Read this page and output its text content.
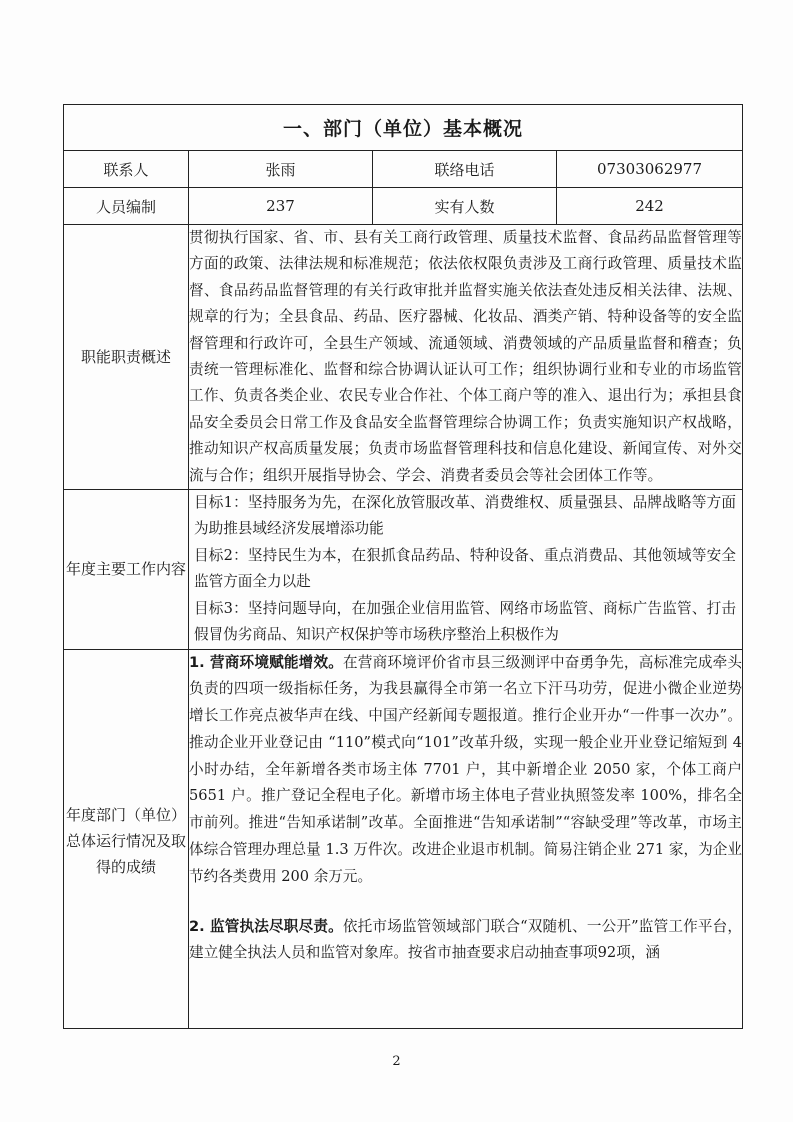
一、部门（单位）基本概况			
联系人	张雨	联络电话	07303062977
人员编制	237	实有人数	242
职能职责概述	贯彻执行国家、省、市、县有关工商行政管理、质量技术监督、食品药品监督管理等方面的政策、法律法规和标准规范；依法依权限负责涉及工商行政管理、质量技术监督、食品药品监督管理的有关行政审批并监督实施关依法查处违反相关法律、法规、规章的行为；全县食品、药品、医疗器械、化妆品、酒类产销、特种设备等的安全监督管理和行政许可，全县生产领域、流通领域、消费领域的产品质量监督和稽查；负责统一管理标准化、监督和综合协调认证认可工作；组织协调行业和专业的市场监管工作、负责各类企业、农民专业合作社、个体工商户等的准入、退出行为；承担县食品安全委员会日常工作及食品安全监督管理综合协调工作；负责实施知识产权战略，推动知识产权高质量发展；负责市场监督管理科技和信息化建设、新闻宣传、对外交流与合作；组织开展指导协会、学会、消费者委员会等社会团体工作等。		
年度主要工作内容	目标1：坚持服务为先，在深化放管服改革、消费维权、质量强县、品牌战略等方面为助推县域经济发展增添功能
目标2：坚持民生为本，在狠抓食品药品、特种设备、重点消费品、其他领域等安全监管方面全力以赴
目标3：坚持问题导向，在加强企业信用监管、网络市场监管、商标广告监管、打击假冒伪劣商品、知识产权保护等市场秩序整治上积极作为		

年度部门（单位）总体运行情况及取得的成绩	1. 营商环境赋能增效。在营商环境评价省市县三级测评中奋勇争先，高标准完成牵头负责的四项一级指标任务，为我县赢得全市第一名立下汗马功劳，促进小微企业逆势增长工作亮点被华声在线、中国产经新闻专题报道。推行企业开办“一件事一次办”。推动企业开业登记由 “110”模式向“101”改革升级，实现一般企业开业登记缩短到 4 小时办结，全年新增各类市场主体 7701 户，其中新增企业 2050 家，个体工商户 5651 户。推广登记全程电子化。新增市场主体电子营业执照签发率 100%，排名全市前列。推进“告知承诺制”改革。全面推进“告知承诺制”“容缺受理”等改革，市场主体综合管理办理总量 1.3 万件次。改进企业退市机制。简易注销企业 271 家，为企业节约各类费用 200 余万元。

2. 监管执法尽职尽责。依托市场监管领域部门联合“双随机、一公开”监管工作平台，建立健全执法人员和监管对象库。按省市抽查要求启动抽查事项92项，涵		

2
